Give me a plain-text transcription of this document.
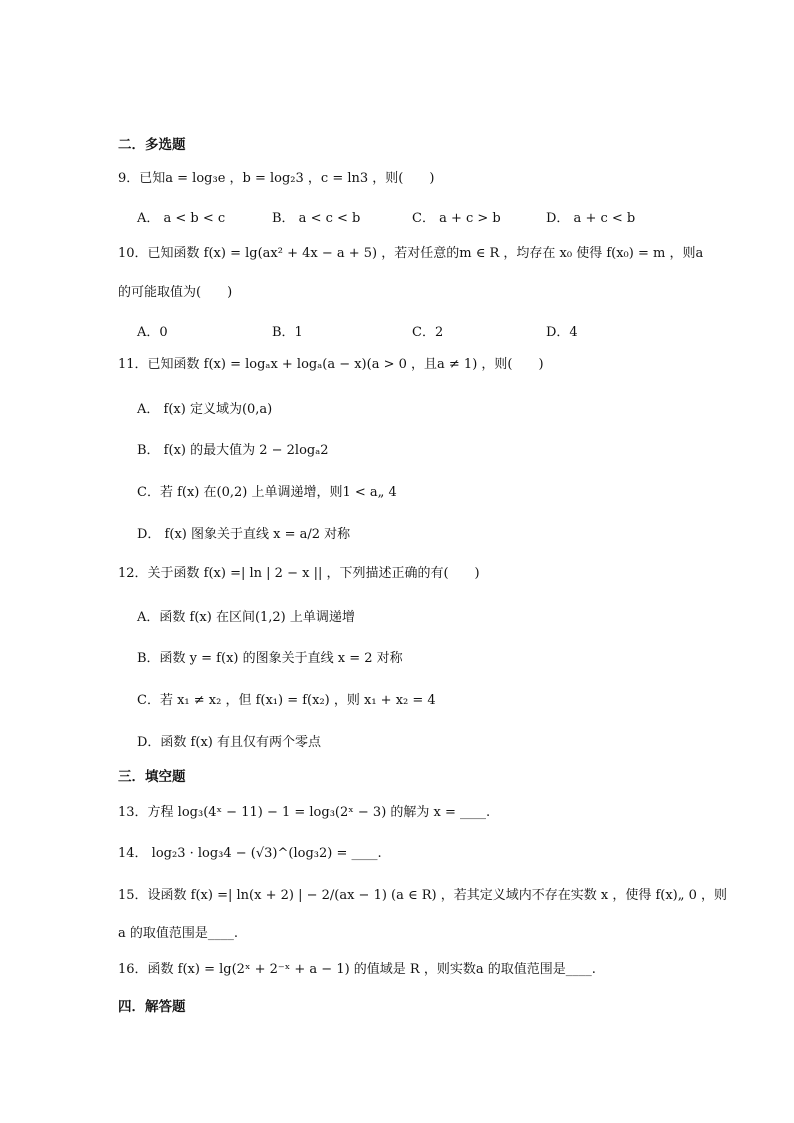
二．多选题
9．已知a = log₃e ，b = log₂3 ，c = ln3 ，则(　　)
A． a < b < c	B． a < c < b	C． a + c > b	D． a + c < b
10．已知函数 f(x) = lg(ax² + 4x − a + 5) ，若对任意的m ∈ R ，均存在 x₀ 使得 f(x₀) = m ，则a
的可能取值为(　　)
A．0	B．1	C．2	D．4
11．已知函数 f(x) = logₐx + logₐ(a − x)(a > 0 ，且a ≠ 1) ，则(　　)
A． f(x) 定义域为(0,a)
B． f(x) 的最大值为 2 − 2logₐ2
C．若 f(x) 在(0,2) 上单调递增，则1 < a„ 4
D． f(x) 图象关于直线 x = a/2 对称
12．关于函数 f(x) =| ln | 2 − x || ，下列描述正确的有(　　)
A．函数 f(x) 在区间(1,2) 上单调递增
B．函数 y = f(x) 的图象关于直线 x = 2 对称
C．若 x₁ ≠ x₂ ，但 f(x₁) = f(x₂) ，则 x₁ + x₂ = 4
D．函数 f(x) 有且仅有两个零点
三．填空题
13．方程 log₃(4ˣ − 11) − 1 = log₃(2ˣ − 3) 的解为 x = ____.
14． log₂3 · log₃4 − (√3)^(log₃2) = ____.
15．设函数 f(x) =| ln(x + 2) | − 2/(ax − 1) (a ∈ R) ，若其定义域内不存在实数 x ，使得 f(x)„ 0 ，则
a 的取值范围是____.
16．函数 f(x) = lg(2ˣ + 2⁻ˣ + a − 1) 的值域是 R ，则实数a 的取值范围是____.
四．解答题
